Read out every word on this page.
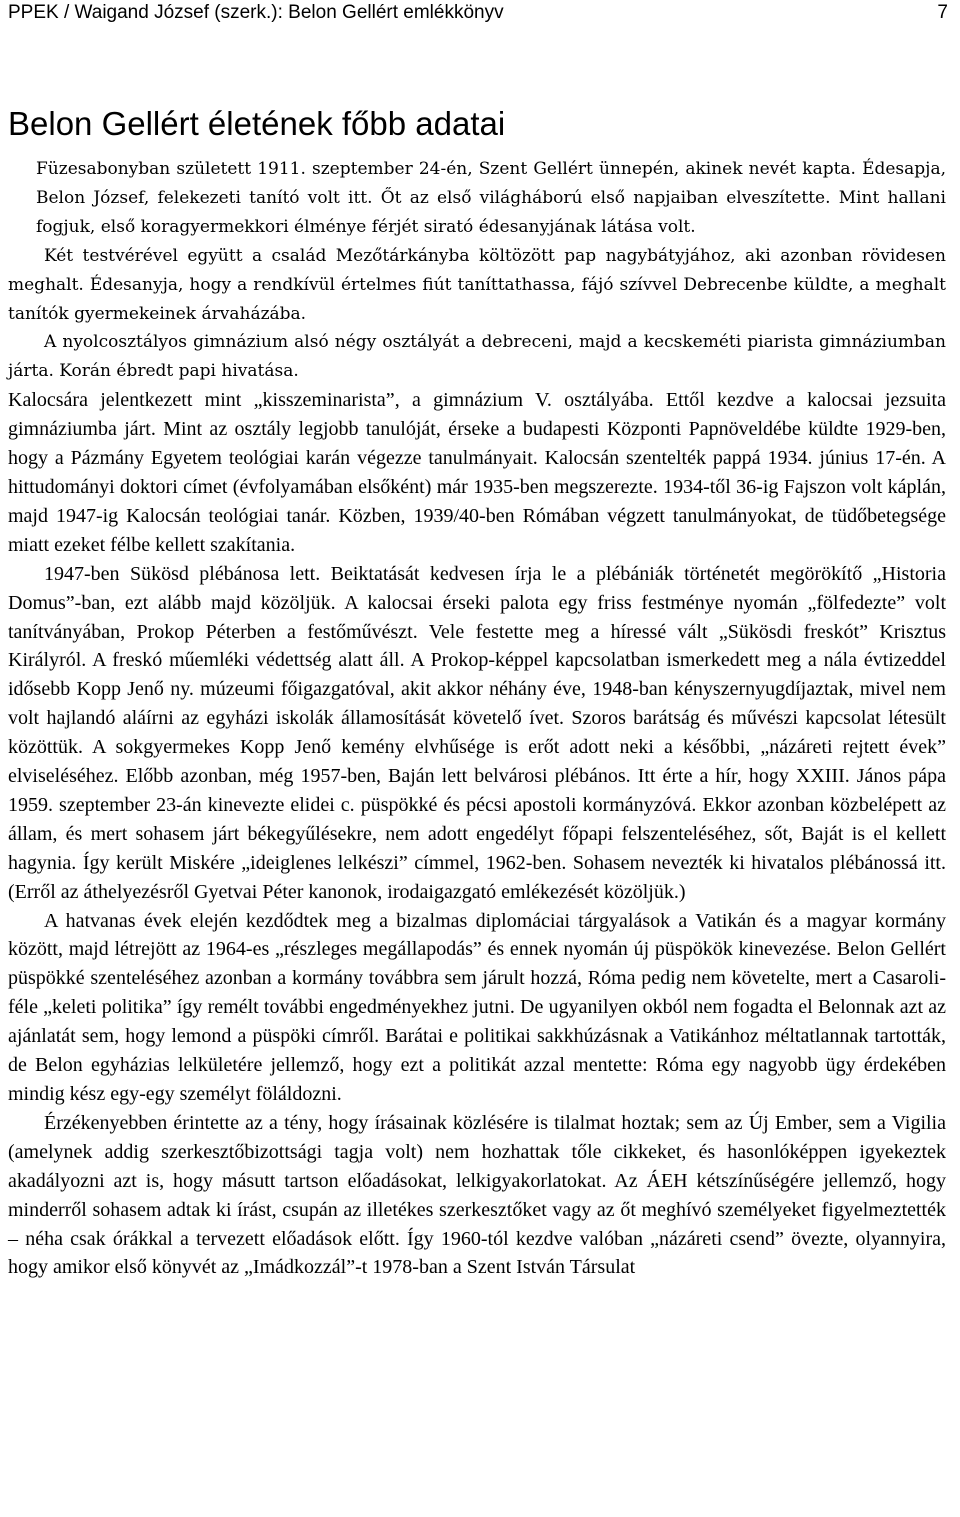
PPEK / Waigand József (szerk.): Belon Gellért emlékkönyv	7
Belon Gellért életének főbb adatai

Füzesabonyban született 1911. szeptember 24-én, Szent Gellért ünnepén, akinek nevét kapta. Édesapja, Belon József, felekezeti tanító volt itt. Őt az első világháború első napjaiban elveszítette. Mint hallani fogjuk, első koragyermekkori élménye férjét sirató édesanyjának látása volt.

Két testvérével együtt a család Mezőtárkányba költözött pap nagybátyjához, aki azonban rövidesen meghalt. Édesanyja, hogy a rendkívül értelmes fiút taníttathassa, fájó szívvel Debrecenbe küldte, a meghalt tanítók gyermekeinek árvaházába.

A nyolcosztályos gimnázium alsó négy osztályát a debreceni, majd a kecskeméti piarista gimnáziumban járta. Korán ébredt papi hivatása.

Kalocsára jelentkezett mint „kisszeminarista”, a gimnázium V. osztályába. Ettől kezdve a kalocsai jezsuita gimnáziumba járt. Mint az osztály legjobb tanulóját, érseke a budapesti Központi Papnöveldébe küldte 1929-ben, hogy a Pázmány Egyetem teológiai karán végezze tanulmányait. Kalocsán szentelték pappá 1934. június 17-én. A hittudományi doktori címet (évfolyamában elsőként) már 1935-ben megszerezte. 1934-től 36-ig Fajszon volt káplán, majd 1947-ig Kalocsán teológiai tanár. Közben, 1939/40-ben Rómában végzett tanulmányokat, de tüdőbetegsége miatt ezeket félbe kellett szakítania.

1947-ben Sükösd plébánosa lett. Beiktatását kedvesen írja le a plébániák történetét megörökítő „Historia Domus”-ban, ezt alább majd közöljük. A kalocsai érseki palota egy friss festménye nyomán „fölfedezte” volt tanítványában, Prokop Péterben a festőművészt. Vele festette meg a híressé vált „Sükösdi freskót” Krisztus Királyról. A freskó műemléki védettség alatt áll. A Prokop-képpel kapcsolatban ismerkedett meg a nála évtizeddel idősebb Kopp Jenő ny. múzeumi főigazgatóval, akit akkor néhány éve, 1948-ban kényszernyugdíjaztak, mivel nem volt hajlandó aláírni az egyházi iskolák államosítását követelő ívet. Szoros barátság és művészi kapcsolat létesült közöttük. A sokgyermekes Kopp Jenő kemény elvhűsége is erőt adott neki a későbbi, „názáreti rejtett évek” elviseléséhez. Előbb azonban, még 1957-ben, Baján lett belvárosi plébános. Itt érte a hír, hogy XXIII. János pápa 1959. szeptember 23-án kinevezte elidei c. püspökké és pécsi apostoli kormányzóvá. Ekkor azonban közbelépett az állam, és mert sohasem járt békegyűlésekre, nem adott engedélyt főpapi felszenteléséhez, sőt, Baját is el kellett hagynia. Így került Miskére „ideiglenes lelkészi” címmel, 1962-ben. Sohasem nevezték ki hivatalos plébánossá itt. (Erről az áthelyezésről Gyetvai Péter kanonok, irodaigazgató emlékezését közöljük.)

A hatvanas évek elején kezdődtek meg a bizalmas diplomáciai tárgyalások a Vatikán és a magyar kormány között, majd létrejött az 1964-es „részleges megállapodás” és ennek nyomán új püspökök kinevezése. Belon Gellért püspökké szenteléséhez azonban a kormány továbbra sem járult hozzá, Róma pedig nem követelte, mert a Casaroli-féle „keleti politika” így remélt további engedményekhez jutni. De ugyanilyen okból nem fogadta el Belonnak azt az ajánlatát sem, hogy lemond a püspöki címről. Barátai e politikai sakkhúzásnak a Vatikánhoz méltatlannak tartották, de Belon egyházias lelkületére jellemző, hogy ezt a politikát azzal mentette: Róma egy nagyobb ügy érdekében mindig kész egy-egy személyt föláldozni.

Érzékenyebben érintette az a tény, hogy írásainak közlésére is tilalmat hoztak; sem az Új Ember, sem a Vigilia (amelynek addig szerkesztőbizottsági tagja volt) nem hozhattak tőle cikkeket, és hasonlóképpen igyekeztek akadályozni azt is, hogy másutt tartson előadásokat, lelkigyakorlatokat. Az ÁEH kétszínűségére jellemző, hogy minderről sohasem adtak ki írást, csupán az illetékes szerkesztőket vagy az őt meghívó személyeket figyelmeztették – néha csak órákkal a tervezett előadások előtt. Így 1960-tól kezdve valóban „názáreti csend” övezte, olyannyira, hogy amikor első könyvét az „Imádkozzál”-t 1978-ban a Szent István Társulat
